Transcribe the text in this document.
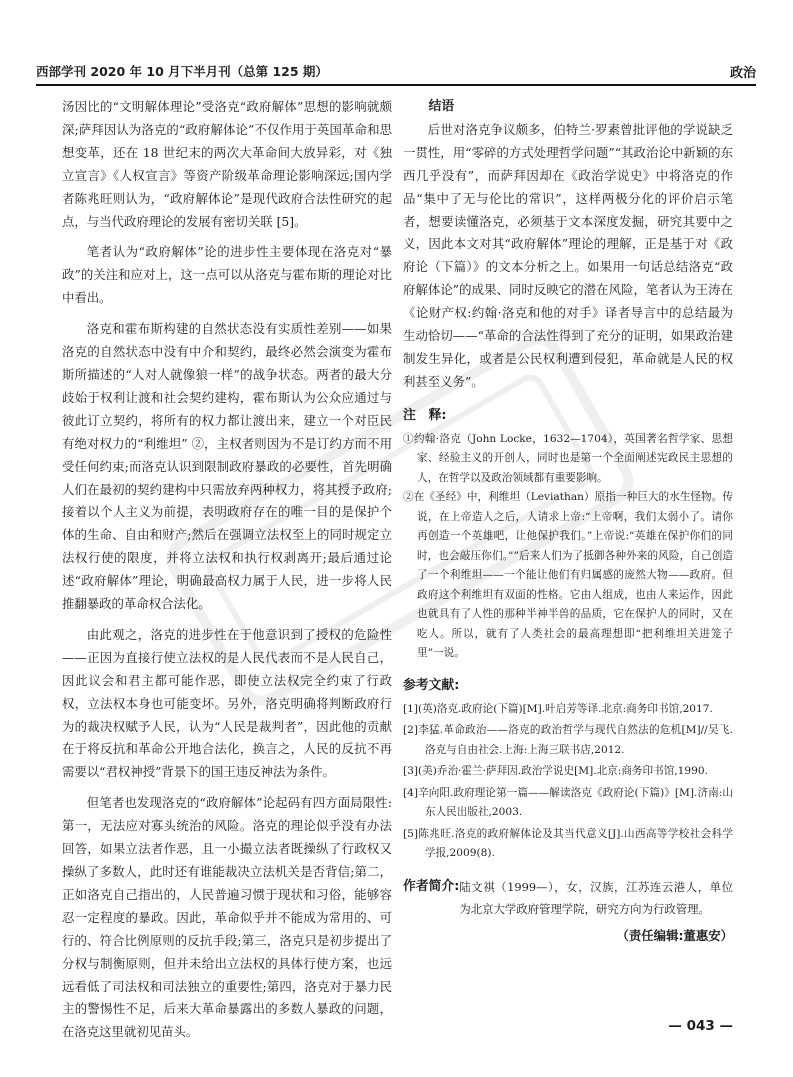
西部学刊 2020 年 10 月下半月刊（总第 125 期）	政治

汤因比的“文明解体理论”受洛克“政府解体”思想的影响就颇深;萨拜因认为洛克的“政府解体论”不仅作用于英国革命和思想变革，还在 18 世纪末的两次大革命间大放异彩，对《独立宣言》《人权宣言》等资产阶级革命理论影响深远;国内学者陈兆旺则认为，“政府解体论”是现代政府合法性研究的起点，与当代政府理论的发展有密切关联 [5]。

笔者认为“政府解体”论的进步性主要体现在洛克对“暴政”的关注和应对上，这一点可以从洛克与霍布斯的理论对比中看出。

洛克和霍布斯构建的自然状态没有实质性差别——如果洛克的自然状态中没有中介和契约，最终必然会演变为霍布斯所描述的“人对人就像狼一样”的战争状态。两者的最大分歧始于权利让渡和社会契约建构，霍布斯认为公众应通过与彼此订立契约，将所有的权力都让渡出来，建立一个对臣民有绝对权力的“利维坦” ②，主权者则因为不是订约方而不用受任何约束;而洛克认识到限制政府暴政的必要性，首先明确人们在最初的契约建构中只需放弃两种权力，将其授予政府;接着以个人主义为前提，表明政府存在的唯一目的是保护个体的生命、自由和财产;然后在强调立法权至上的同时规定立法权行使的限度，并将立法权和执行权剥离开;最后通过论述“政府解体”理论，明确最高权力属于人民，进一步将人民推翻暴政的革命权合法化。

由此观之，洛克的进步性在于他意识到了授权的危险性——正因为直接行使立法权的是人民代表而不是人民自己，因此议会和君主都可能作恶，即使立法权完全约束了行政权，立法权本身也可能变坏。另外，洛克明确将判断政府行为的裁决权赋予人民，认为“人民是裁判者”，因此他的贡献在于将反抗和革命公开地合法化，换言之，人民的反抗不再需要以“君权神授”背景下的国王违反神法为条件。

但笔者也发现洛克的“政府解体”论起码有四方面局限性:第一，无法应对寡头统治的风险。洛克的理论似乎没有办法回答，如果立法者作恶，且一小撮立法者既操纵了行政权又操纵了多数人，此时还有谁能裁决立法机关是否背信;第二，正如洛克自己指出的，人民普遍习惯于现状和习俗，能够容忍一定程度的暴政。因此，革命似乎并不能成为常用的、可行的、符合比例原则的反抗手段;第三，洛克只是初步提出了分权与制衡原则，但并未给出立法权的具体行使方案，也远远看低了司法权和司法独立的重要性;第四，洛克对于暴力民主的警惕性不足，后来大革命暴露出的多数人暴政的问题，在洛克这里就初见苗头。

结语

后世对洛克争议颇多，伯特兰·罗素曾批评他的学说缺乏一贯性，用“零碎的方式处理哲学问题”“其政治论中新颖的东西几乎没有”，而萨拜因却在《政治学说史》中将洛克的作品“集中了无与伦比的常识”，这样两极分化的评价启示笔者，想要读懂洛克，必须基于文本深度发掘，研究其要中之义，因此本文对其“政府解体”理论的理解，正是基于对《政府论（下篇）》的文本分析之上。如果用一句话总结洛克“政府解体论”的成果、同时反映它的潜在风险，笔者认为王涛在《论财产权:约翰·洛克和他的对手》译者导言中的总结最为生动恰切——“革命的合法性得到了充分的证明，如果政治建制发生异化，或者是公民权利遭到侵犯，革命就是人民的权利甚至义务”。

注　释:
①约翰·洛克（John Locke，1632—1704），英国著名哲学家、思想家、经验主义的开创人，同时也是第一个全面阐述宪政民主思想的人，在哲学以及政治领域都有重要影响。
②在《圣经》中，利维坦（Leviathan）原指一种巨大的水生怪物。传说，在上帝造人之后，人请求上帝:“上帝啊，我们太弱小了。请你再创造一个英雄吧，让他保护我们。”上帝说:“英雄在保护你们的同时，也会敲压你们。””后来人们为了抵御各种外来的风险，自己创造了一个利维坦——一个能让他们有归属感的庞然大物——政府。但政府这个利维坦有双面的性格。它由人组成，也由人来运作，因此也就具有了人性的那种半神半兽的品质，它在保护人的同时，又在吃人。所以，就有了人类社会的最高理想即“把利维坦关进笼子里”一说。
参考文献:
[1](英)洛克.政府论(下篇)[M].叶启芳等译.北京:商务印书馆,2017.
[2]李猛.革命政治——洛克的政治哲学与现代自然法的危机[M]//吴飞.洛克与自由社会.上海:上海三联书店,2012.
[3](美)乔治·霍兰·萨拜因.政治学说史[M].北京:商务印书馆,1990.
[4]辛向阳.政府理论第一篇——解读洛克《政府论(下篇)》[M].济南:山东人民出版社,2003.
[5]陈兆旺.洛克的政府解体论及其当代意义[J].山西高等学校社会科学学报,2009(8).
作者简介: 陆文祺（1999—），女，汉族，江苏连云港人，单位为北京大学政府管理学院，研究方向为行政管理。
（责任编辑:董惠安）
— 043 —
